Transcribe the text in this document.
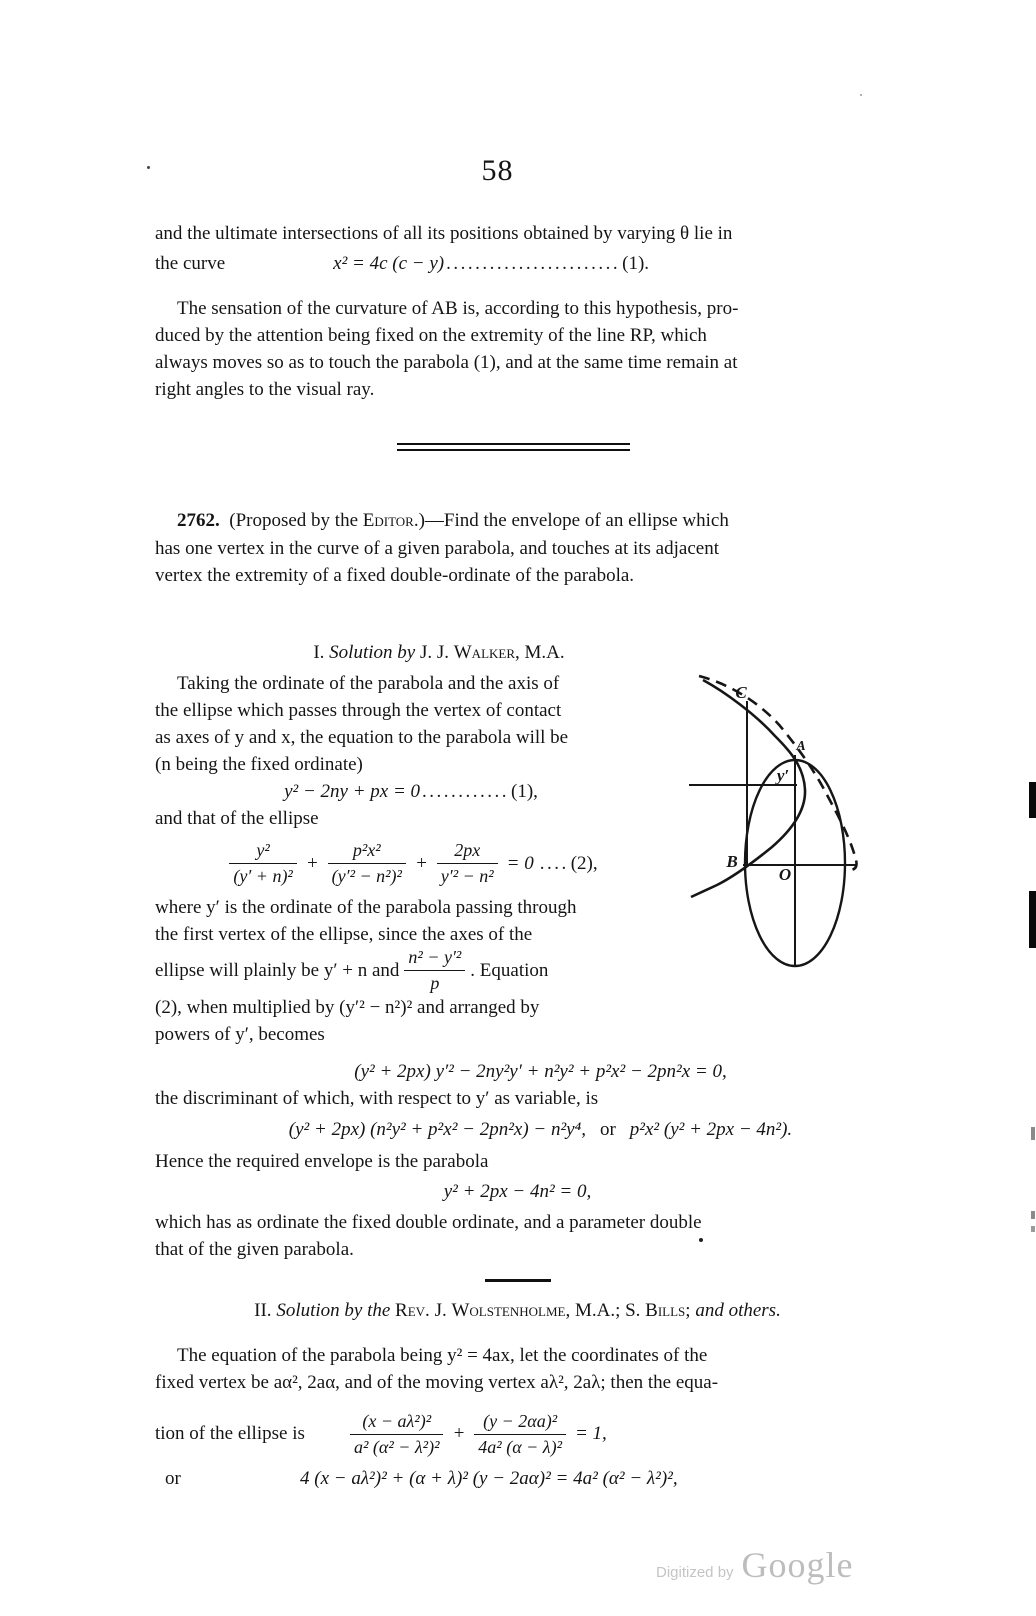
58
and the ultimate intersections of all its positions obtained by varying θ lie in
the curve	x² = 4c (c − y) ........................ (1).
The sensation of the curvature of AB is, according to this hypothesis, pro-
duced by the attention being fixed on the extremity of the line RP, which
always moves so as to touch the parabola (1), and at the same time remain at
right angles to the visual ray.
2762. (Proposed by the Editor.)—Find the envelope of an ellipse which
has one vertex in the curve of a given parabola, and touches at its adjacent
vertex the extremity of a fixed double-ordinate of the parabola.
I. Solution by J. J. Walker, M.A.
Taking the ordinate of the parabola and the axis of
the ellipse which passes through the vertex of contact
as axes of y and x, the equation to the parabola will be
(n being the fixed ordinate)
y² − 2ny + px = 0 ............ (1),
and that of the ellipse
$\frac{\text{y²}}{\text{(y′ + n)²}} + \frac{\text{p²x²}}{\text{(y′² − n²)²}} + \frac{2px}{\text{y′² − n²}} = 0$ .... (2),
where y′ is the ordinate of the parabola passing through
the first vertex of the ellipse, since the axes of the
ellipse will plainly be y′ + n and $\frac{\text{n² − y′²}}{p}$ . Equation
(2), when multiplied by (y′² − n²)² and arranged by
powers of y′, becomes
C
A
y′
B
O
(y² + 2px) y′² − 2ny²y′ + n²y² + p²x² − 2pn²x = 0,
the discriminant of which, with respect to y′ as variable, is
(y² + 2px) (n²y² + p²x² − 2pn²x) − n²y⁴, or p²x² (y² + 2px − 4n²).
Hence the required envelope is the parabola
y² + 2px − 4n² = 0,
which has as ordinate the fixed double ordinate, and a parameter double
that of the given parabola.
II. Solution by the Rev. J. Wolstenholme, M.A.; S. Bills; and others.
The equation of the parabola being y² = 4ax, let the coordinates of the
fixed vertex be aα², 2aα, and of the moving vertex aλ², 2aλ; then the equa-
tion of the ellipse is	$\frac{\text{(x − aλ²)²}}{\text{a² (α² − λ²)²}} + \frac{\text{(y − 2αa)²}}{\text{4a² (α − λ)²}} = 1$,
or	4 (x − aλ²)² + (α + λ)² (y − 2aα)² = 4a² (α² − λ²)²,
Digitized by Google
